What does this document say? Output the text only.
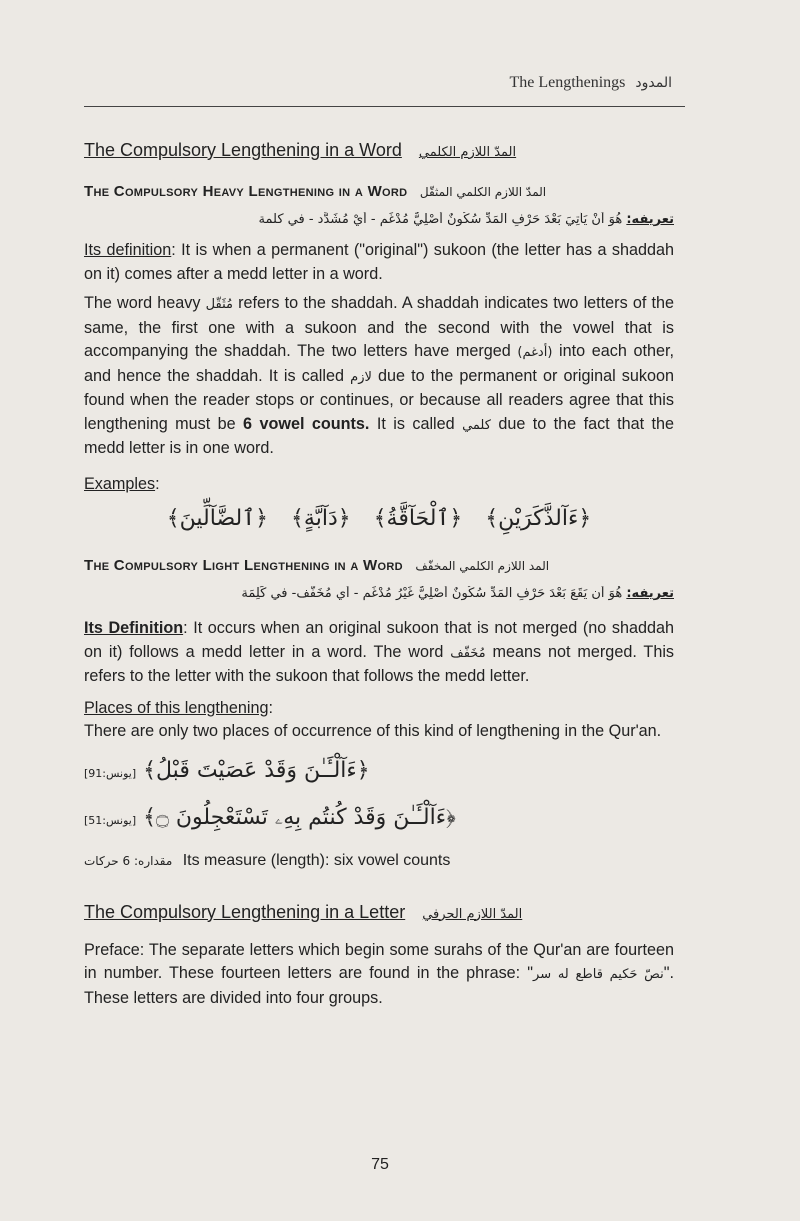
The Lengthenings المدود
The Compulsory Lengthening in a Word المدّ اللازم الكلمي
The Compulsory Heavy Lengthening in a Word المدّ اللازم الكلمي المثقّل
تعريفه: هُوَ أَنْ يَأْتِيَ بَعْدَ حَرْفِ المَدِّ سُكُونٌ أَصْلِيٌّ مُدْغَم - أَيْ مُشَدَّد - في كلمة

Its definition: It is when a permanent ("original") sukoon (the letter has a shaddah on it) comes after a medd letter in a word.

The word heavy مُثَقّل refers to the shaddah. A shaddah indicates two letters of the same, the first one with a sukoon and the second with the vowel that is accompanying the shaddah. The two letters have merged (أدغم) into each other, and hence the shaddah. It is called لازم due to the permanent or original sukoon found when the reader stops or continues, or because all readers agree that this lengthening must be 6 vowel counts. It is called كلمي due to the fact that the medd letter is in one word.

Examples:

﴿ءَآلذَّكَرَيْنِ﴾ ﴿ٱلْحَآقَّةُ﴾ ﴿دَآبَّةٍ﴾ ﴿ٱلضَّآلِّينَ﴾
The Compulsory Light Lengthening in a Word المد اللازم الكلمي المخفّف
تعريفه: هُوَ أَن يَقَعَ بَعْدَ حَرْفِ المَدِّ سُكُونٌ أَصْلِيٌّ غَيْرُ مُدْغَمٍ - أي مُخَفّف- في كَلِمَة

Its Definition: It occurs when an original sukoon that is not merged (no shaddah on it) follows a medd letter in a word. The word مُخَفّف means not merged. This refers to the letter with the sukoon that follows the medd letter.

Places of this lengthening:

There are only two places of occurrence of this kind of lengthening in the Qur'an.

﴿ءَآلْـَٔـٰنَ وَقَدْ عَصَيْتَ قَبْلُ﴾ [يونس:91]
﴿ءَآلْـَٔـٰنَ وَقَدْ كُنتُم بِهِۦ تَسْتَعْجِلُونَ ۝﴾ [يونس:51]
مقداره: 6 حركات Its measure (length): six vowel counts
The Compulsory Lengthening in a Letter المدّ اللازم الحرفي

Preface: The separate letters which begin some surahs of the Qur'an are fourteen in number. These fourteen letters are found in the phrase: "نصّ حَكيم قاطع له سر". These letters are divided into four groups.

75
